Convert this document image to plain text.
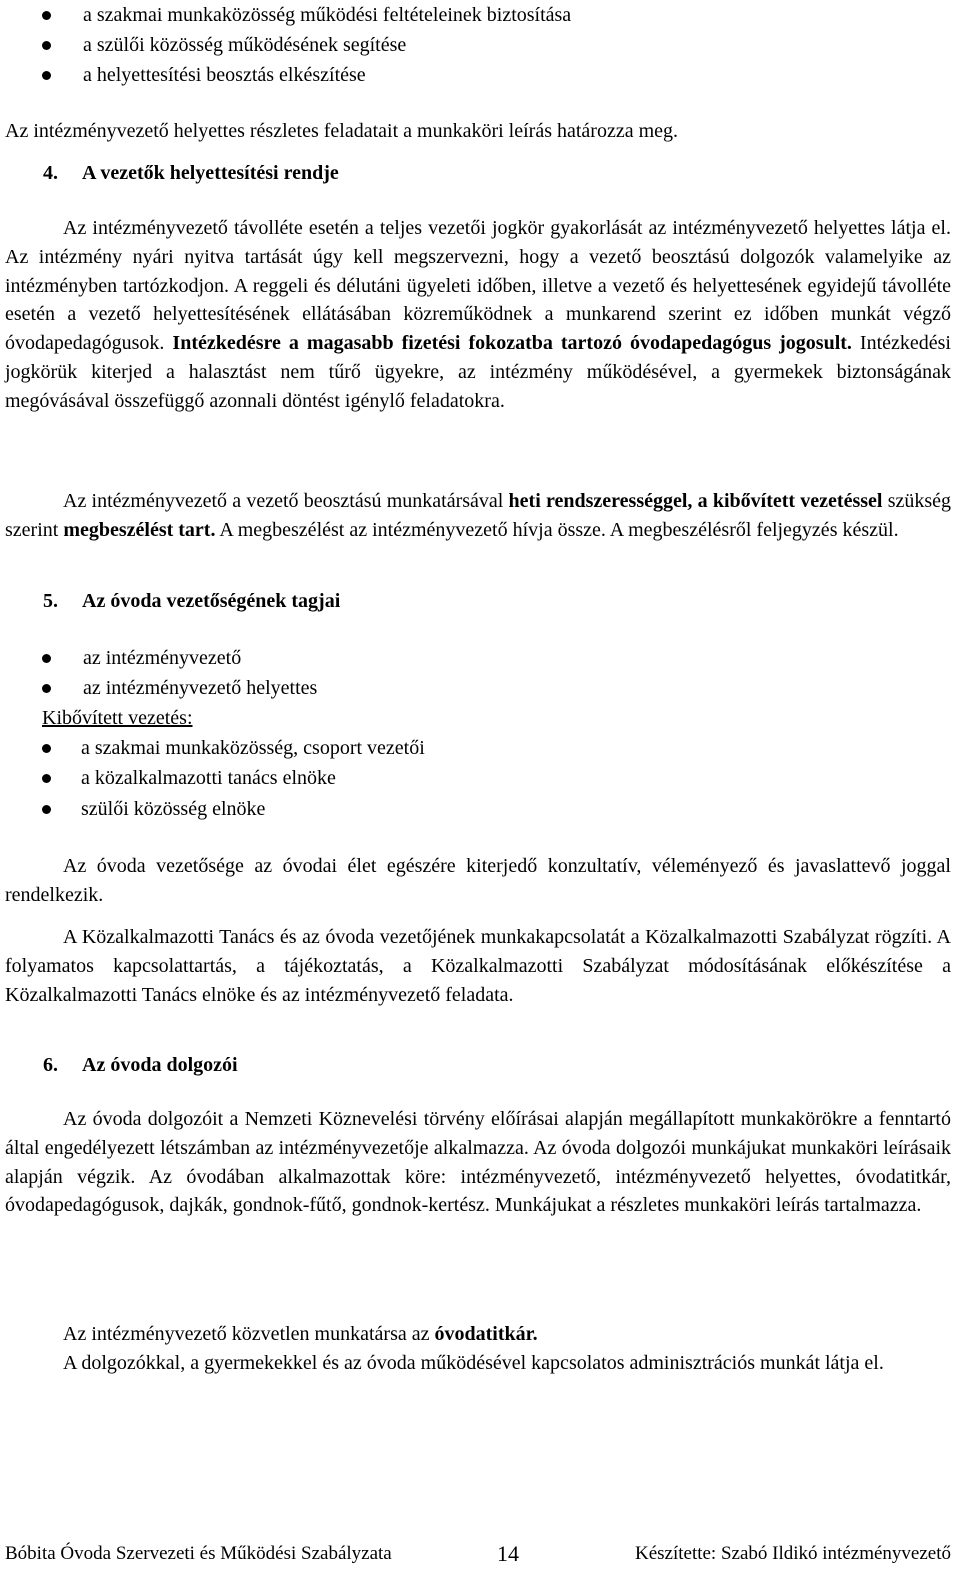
a szakmai munkaközösség működési feltételeinek biztosítása
a szülői közösség működésének segítése
a helyettesítési beosztás elkészítése
Az intézményvezető helyettes részletes feladatait a munkaköri leírás határozza meg.
4. A vezetők helyettesítési rendje
Az intézményvezető távolléte esetén a teljes vezetői jogkör gyakorlását az intézményvezető helyettes látja el. Az intézmény nyári nyitva tartását úgy kell megszervezni, hogy a vezető beosztású dolgozók valamelyike az intézményben tartózkodjon. A reggeli és délutáni ügyeleti időben, illetve a vezető és helyettesének egyidejű távolléte esetén a vezető helyettesítésének ellátásában közreműködnek a munkarend szerint ez időben munkát végző óvodapedagógusok. Intézkedésre a magasabb fizetési fokozatba tartozó óvodapedagógus jogosult. Intézkedési jogkörük kiterjed a halasztást nem tűrő ügyekre, az intézmény működésével, a gyermekek biztonságának megóvásával összefüggő azonnali döntést igénylő feladatokra.
Az intézményvezető a vezető beosztású munkatársával heti rendszerességgel, a kibővített vezetéssel szükség szerint megbeszélést tart. A megbeszélést az intézményvezető hívja össze. A megbeszélésről feljegyzés készül.
5. Az óvoda vezetőségének tagjai
az intézményvezető
az intézményvezető helyettes
Kibővített vezetés:
a szakmai munkaközösség, csoport vezetői
a közalkalmazotti tanács elnöke
szülői közösség elnöke
Az óvoda vezetősége az óvodai élet egészére kiterjedő konzultatív, véleményező és javaslattevő joggal rendelkezik.
A Közalkalmazotti Tanács és az óvoda vezetőjének munkakapcsolatát a Közalkalmazotti Szabályzat rögzíti. A folyamatos kapcsolattartás, a tájékoztatás, a Közalkalmazotti Szabályzat módosításának előkészítése a Közalkalmazotti Tanács elnöke és az intézményvezető feladata.
6. Az óvoda dolgozói
Az óvoda dolgozóit a Nemzeti Köznevelési törvény előírásai alapján megállapított munkakörökre a fenntartó által engedélyezett létszámban az intézményvezetője alkalmazza. Az óvoda dolgozói munkájukat munkaköri leírásaik alapján végzik. Az óvodában alkalmazottak köre: intézményvezető, intézményvezető helyettes, óvodatitkár, óvodapedagógusok, dajkák, gondnok-fűtő, gondnok-kertész. Munkájukat a részletes munkaköri leírás tartalmazza.
Az intézményvezető közvetlen munkatársa az óvodatitkár.
A dolgozókkal, a gyermekekkel és az óvoda működésével kapcsolatos adminisztrációs munkát látja el.
Bóbita Óvoda Szervezeti és Működési Szabályzata	14	Készítette: Szabó Ildikó intézményvezető
